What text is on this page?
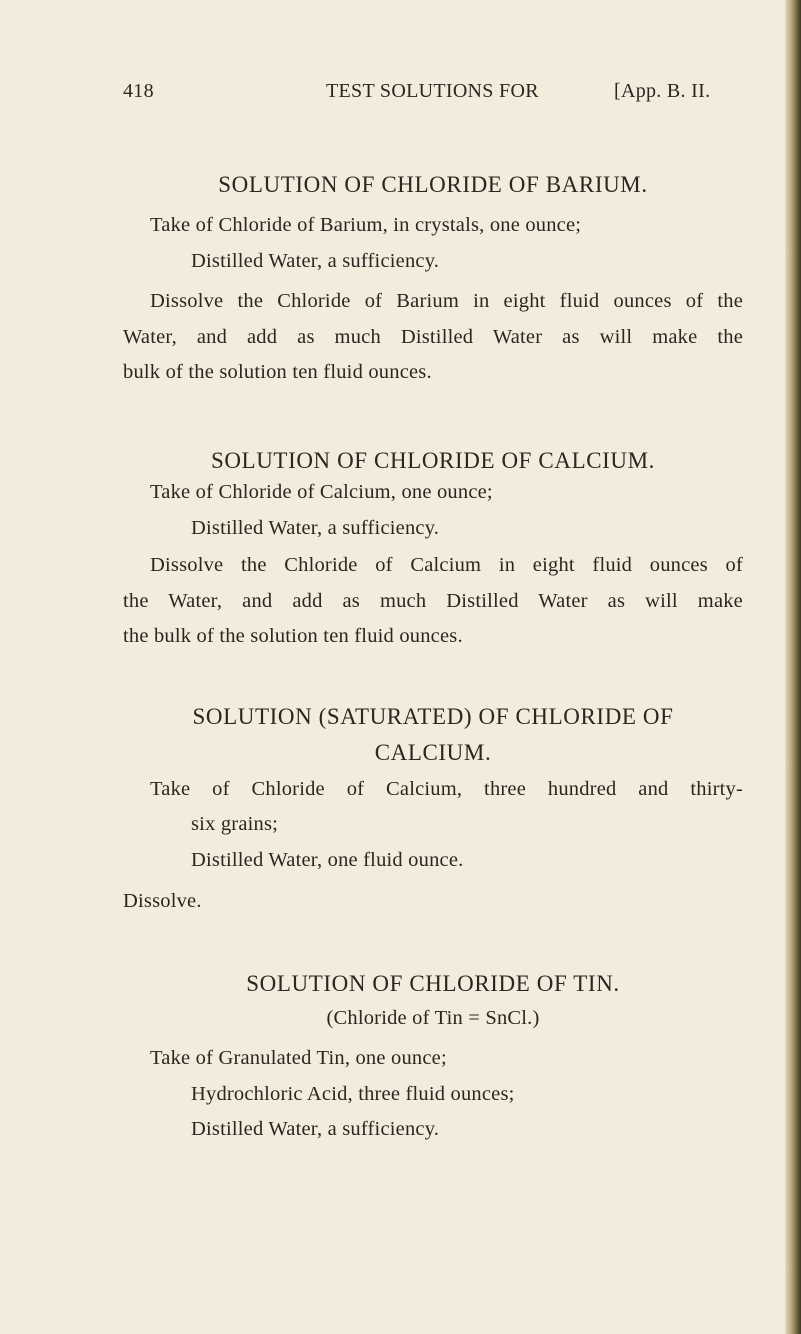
418	TEST SOLUTIONS FOR	[App. B. II.
SOLUTION OF CHLORIDE OF BARIUM.
Take of Chloride of Barium, in crystals, one ounce;
Distilled Water, a sufficiency.
Dissolve the Chloride of Barium in eight fluid ounces of the
Water, and add as much Distilled Water as will make the
bulk of the solution ten fluid ounces.
SOLUTION OF CHLORIDE OF CALCIUM.
Take of Chloride of Calcium, one ounce;
Distilled Water, a sufficiency.
Dissolve the Chloride of Calcium in eight fluid ounces of
the Water, and add as much Distilled Water as will make
the bulk of the solution ten fluid ounces.
SOLUTION (SATURATED) OF CHLORIDE OF
CALCIUM.
Take of Chloride of Calcium, three hundred and thirty-
six grains;
Distilled Water, one fluid ounce.
Dissolve.
SOLUTION OF CHLORIDE OF TIN.
(Chloride of Tin = SnCl.)
Take of Granulated Tin, one ounce;
Hydrochloric Acid, three fluid ounces;
Distilled Water, a sufficiency.
